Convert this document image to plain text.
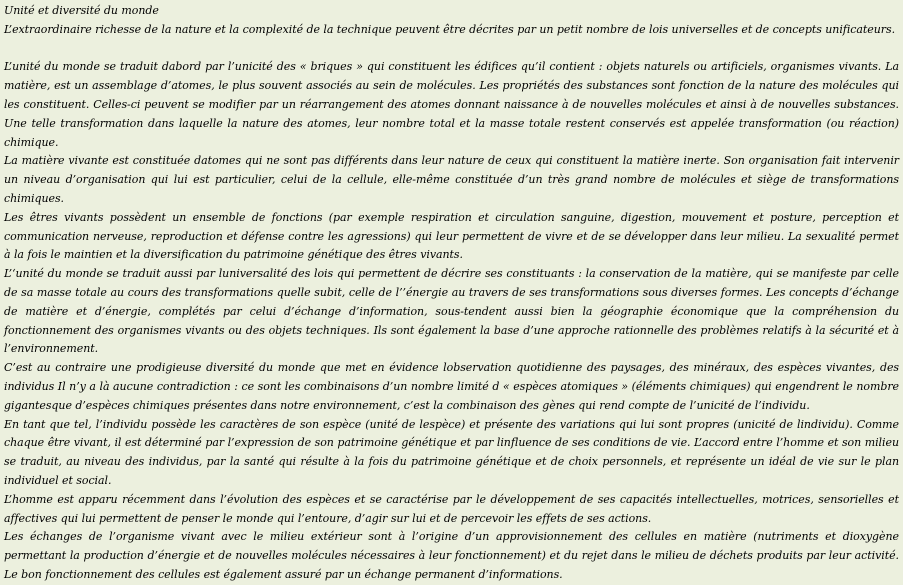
Unité et diversité du monde

L’extraordinaire richesse de la nature et la complexité de la technique peuvent être décrites par un petit nombre de lois universelles et de concepts unificateurs.

L’unité du monde se traduit dabord par l’unicité des « briques » qui constituent les édifices qu’il contient : objets naturels ou artificiels, organismes vivants. La matière, est un assemblage d’atomes, le plus souvent associés au sein de molécules. Les propriétés des substances sont fonction de la nature des molécules qui les constituent. Celles-ci peuvent se modifier par un réarrangement des atomes donnant naissance à de nouvelles molécules et ainsi à de nouvelles substances. Une telle transformation dans laquelle la nature des atomes, leur nombre total et la masse totale restent conservés est appelée transformation (ou réaction) chimique.

La matière vivante est constituée datomes qui ne sont pas différents dans leur nature de ceux qui constituent la matière inerte. Son organisation fait intervenir un niveau d’organisation qui lui est particulier, celui de la cellule, elle-même constituée d’un très grand nombre de molécules et siège de transformations chimiques.

Les êtres vivants possèdent un ensemble de fonctions (par exemple respiration et circulation sanguine, digestion, mouvement et posture, perception et communication nerveuse, reproduction et défense contre les agressions) qui leur permettent de vivre et de se développer dans leur milieu. La sexualité permet à la fois le maintien et la diversification du patrimoine génétique des êtres vivants.

L’‘unité du monde se traduit aussi par luniversalité des lois qui permettent de décrire ses constituants : la conservation de la matière, qui se manifeste par celle de sa masse totale au cours des transformations quelle subit, celle de l’’énergie au travers de ses transformations sous diverses formes. Les concepts d’échange de matière et d’énergie, complétés par celui d’échange d’information, sous-tendent aussi bien la géographie économique que la compréhension du fonctionnement des organismes vivants ou des objets techniques. Ils sont également la base d’une approche rationnelle des problèmes relatifs à la sécurité et à l’environnement.

C’est au contraire une prodigieuse diversité du monde que met en évidence lobservation quotidienne des paysages, des minéraux, des espèces vivantes, des individus Il n’y a là aucune contradiction : ce sont les combinaisons d’un nombre limité d « espèces atomiques » (éléments chimiques) qui engendrent le nombre gigantesque d’espèces chimiques présentes dans notre environnement, c’est la combinaison des gènes qui rend compte de l’unicité de l’individu.

En tant que tel, l’individu possède les caractères de son espèce (unité de lespèce) et présente des variations qui lui sont propres (unicité de lindividu). Comme chaque être vivant, il est déterminé par l’expression de son patrimoine génétique et par linfluence de ses conditions de vie. L’accord entre l’homme et son milieu se traduit, au niveau des individus, par la santé qui résulte à la fois du patrimoine génétique et de choix personnels, et représente un idéal de vie sur le plan individuel et social.

L’homme est apparu récemment dans l’évolution des espèces et se caractérise par le développement de ses capacités intellectuelles, motrices, sensorielles et affectives qui lui permettent de penser le monde qui l’entoure, d’agir sur lui et de percevoir les effets de ses actions.

Les échanges de l’organisme vivant avec le milieu extérieur sont à l’origine d’un approvisionnement des cellules en matière (nutriments et dioxygène permettant la production d’énergie et de nouvelles molécules nécessaires à leur fonctionnement) et du rejet dans le milieu de déchets produits par leur activité. Le bon fonctionnement des cellules est également assuré par un échange permanent d’informations.
